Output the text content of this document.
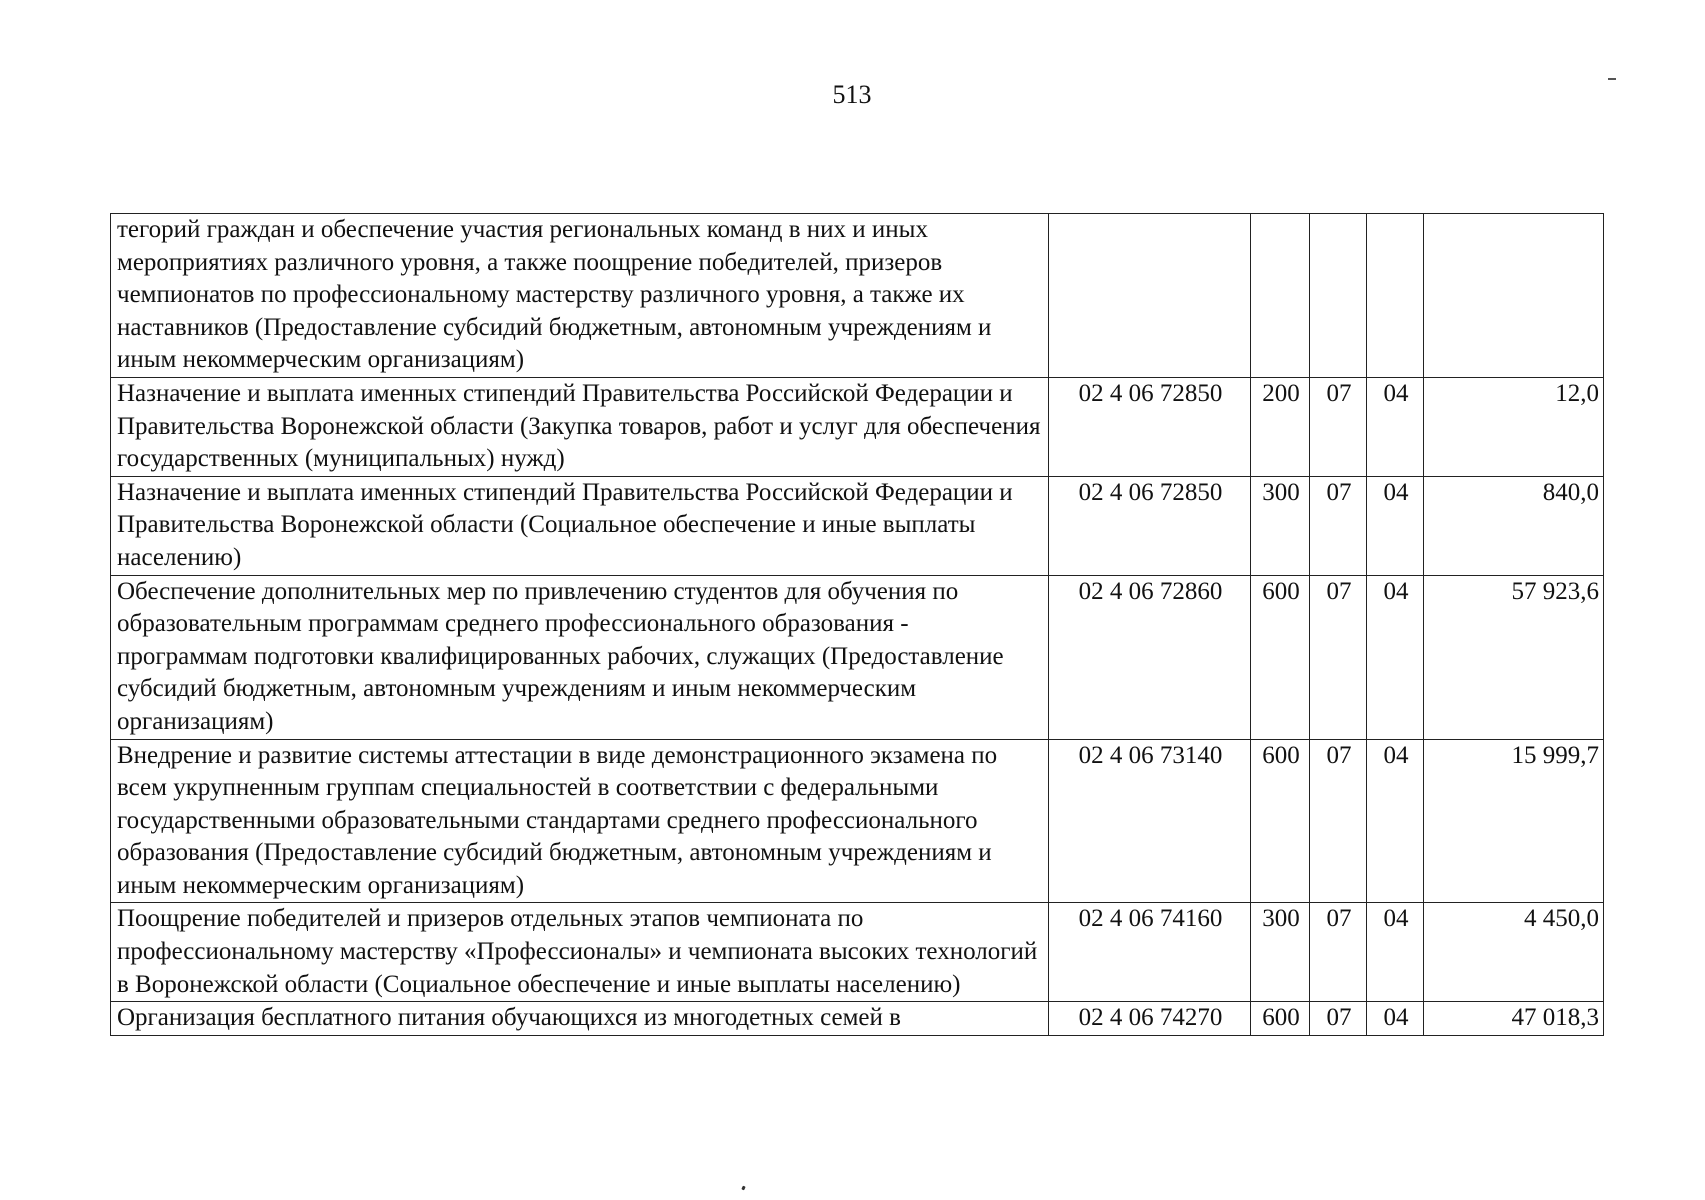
513
тегорий граждан и обеспечение участия региональных команд в них и иных мероприятиях различного уровня, а также поощрение победителей, призеров чемпионатов по профессиональному мастерству различного уровня, а также их наставников (Предоставление субсидий бюджетным, автономным учреждениям и иным некоммерческим организациям)					
Назначение и выплата именных стипендий Правительства Российской Федерации и Правительства Воронежской области (Закупка товаров, работ и услуг для обеспечения государственных (муниципальных) нужд)	02 4 06 72850	200	07	04	12,0
Назначение и выплата именных стипендий Правительства Российской Федерации и Правительства Воронежской области (Социальное обеспечение и иные выплаты населению)	02 4 06 72850	300	07	04	840,0
Обеспечение дополнительных мер по привлечению студентов для обучения по образовательным программам среднего профессионального образования - программам подготовки квалифицированных рабочих, служащих (Предоставление субсидий бюджетным, автономным учреждениям и иным некоммерческим организациям)	02 4 06 72860	600	07	04	57 923,6
Внедрение и развитие системы аттестации в виде демонстрационного экзамена по всем укрупненным группам специальностей в соответствии с федеральными государственными образовательными стандартами среднего профессионального образования (Предоставление субсидий бюджетным, автономным учреждениям и иным некоммерческим организациям)	02 4 06 73140	600	07	04	15 999,7
Поощрение победителей и призеров отдельных этапов чемпионата по профессиональному мастерству «Профессионалы» и чемпионата высоких технологий в Воронежской области (Социальное обеспечение и иные выплаты населению)	02 4 06 74160	300	07	04	4 450,0
Организация бесплатного питания обучающихся из многодетных семей в	02 4 06 74270	600	07	04	47 018,3
